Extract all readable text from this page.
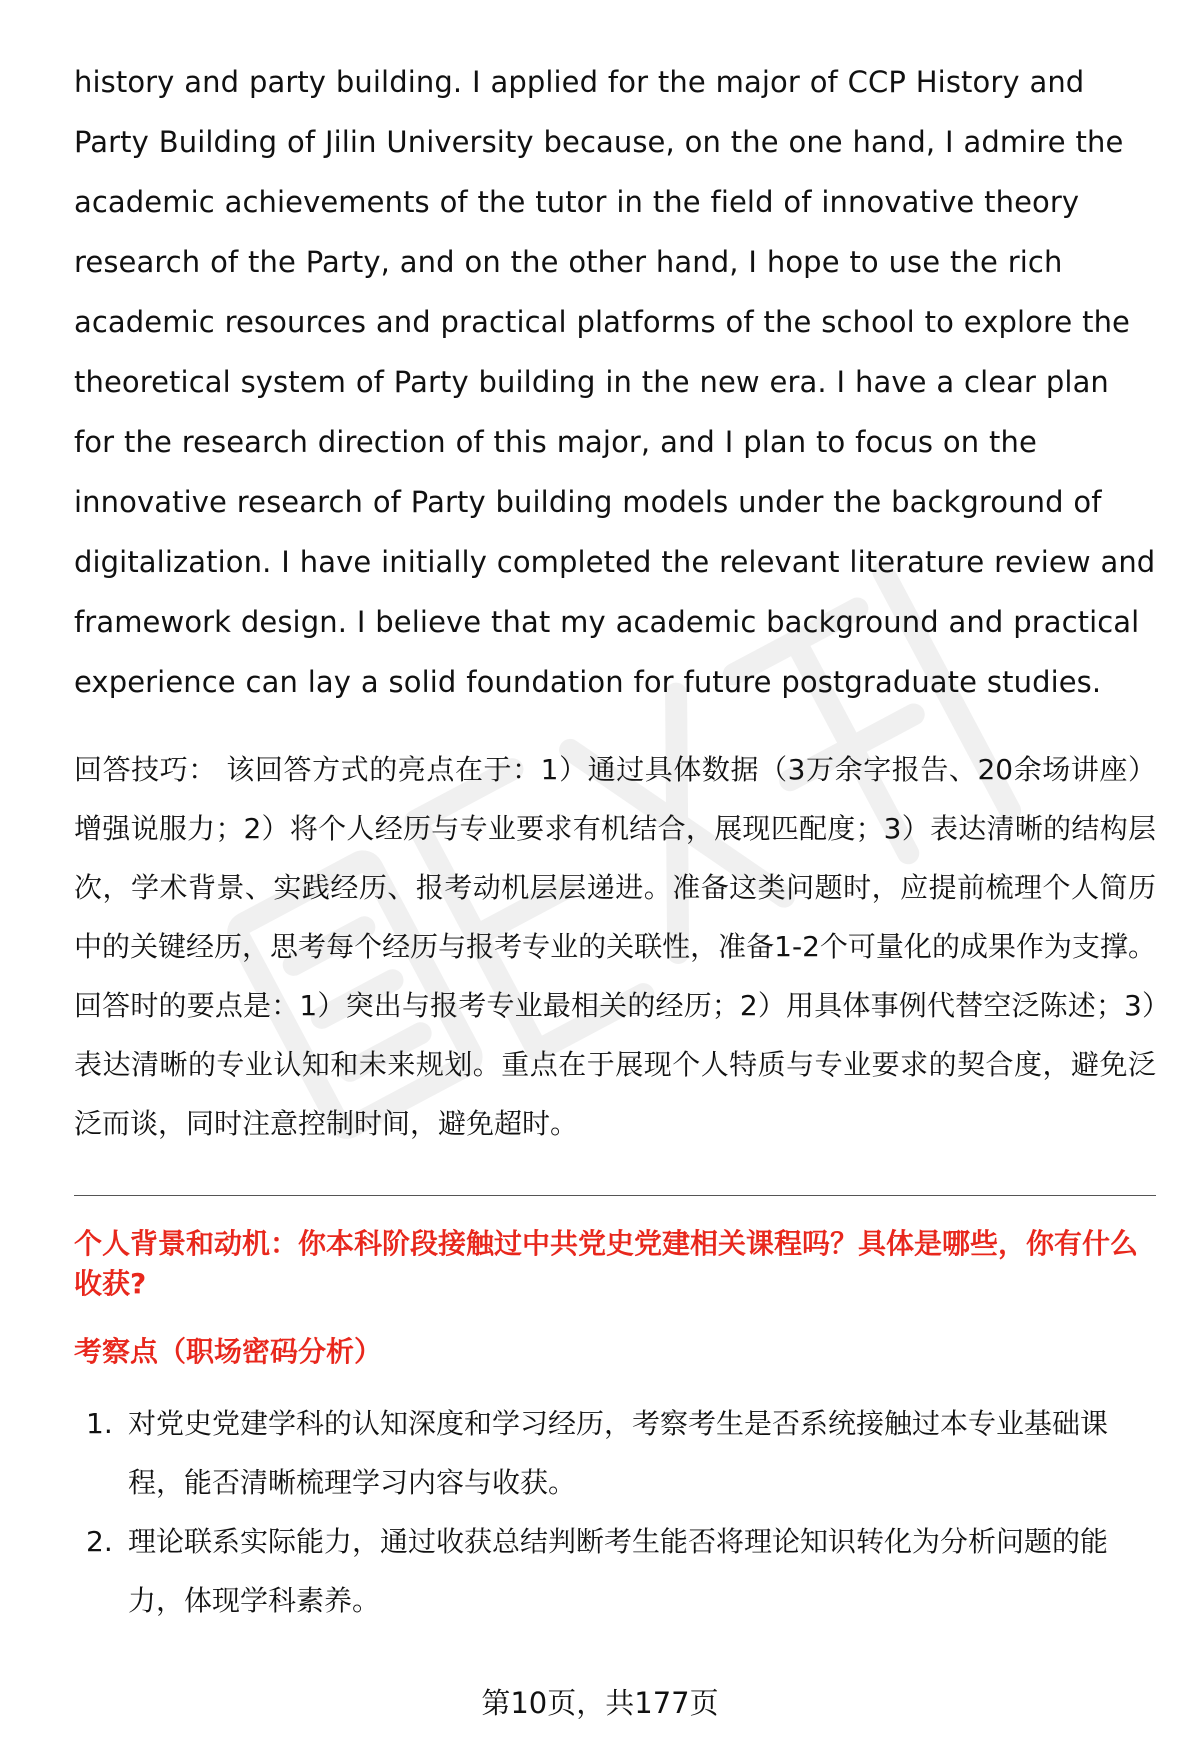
history and party building. I applied for the major of CCP History and Party Building of Jilin University because, on the one hand, I admire the academic achievements of the tutor in the field of innovative theory research of the Party, and on the other hand, I hope to use the rich academic resources and practical platforms of the school to explore the theoretical system of Party building in the new era. I have a clear plan for the research direction of this major, and I plan to focus on the innovative research of Party building models under the background of digitalization. I have initially completed the relevant literature review and framework design. I believe that my academic background and practical experience can lay a solid foundation for future postgraduate studies.

回答技巧： 该回答方式的亮点在于：1）通过具体数据（3万余字报告、20余场讲座）增强说服力；2）将个人经历与专业要求有机结合，展现匹配度；3）表达清晰的结构层次，学术背景、实践经历、报考动机层层递进。准备这类问题时，应提前梳理个人简历中的关键经历，思考每个经历与报考专业的关联性，准备1-2个可量化的成果作为支撑。回答时的要点是：1）突出与报考专业最相关的经历；2）用具体事例代替空泛陈述；3）表达清晰的专业认知和未来规划。重点在于展现个人特质与专业要求的契合度，避免泛泛而谈，同时注意控制时间，避免超时。

个人背景和动机：你本科阶段接触过中共党史党建相关课程吗？具体是哪些，你有什么收获?
考察点（职场密码分析）
1. 对党史党建学科的认知深度和学习经历，考察考生是否系统接触过本专业基础课程，能否清晰梳理学习内容与收获。
2. 理论联系实际能力，通过收获总结判断考生能否将理论知识转化为分析问题的能力，体现学科素养。
第10页，共177页
